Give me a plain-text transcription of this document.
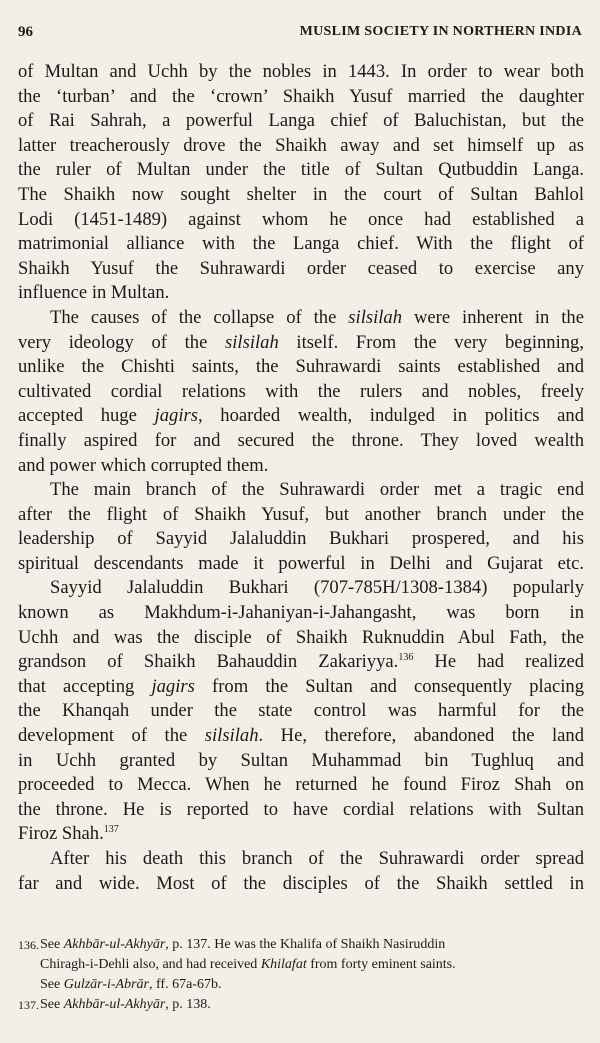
96	MUSLIM SOCIETY IN NORTHERN INDIA

of Multan and Uchh by the nobles in 1443. In order to wear both
the ‘turban’ and the ‘crown’ Shaikh Yusuf married the daughter
of Rai Sahrah, a powerful Langa chief of Baluchistan, but the
latter treacherously drove the Shaikh away and set himself up as
the ruler of Multan under the title of Sultan Qutbuddin Langa.
The Shaikh now sought shelter in the court of Sultan Bahlol
Lodi (1451-1489) against whom he once had established a
matrimonial alliance with the Langa chief. With the flight of
Shaikh Yusuf the Suhrawardi order ceased to exercise any
influence in Multan.

The causes of the collapse of the silsilah were inherent in the
very ideology of the silsilah itself. From the very beginning,
unlike the Chishti saints, the Suhrawardi saints established and
cultivated cordial relations with the rulers and nobles, freely
accepted huge jagirs, hoarded wealth, indulged in politics and
finally aspired for and secured the throne. They loved wealth
and power which corrupted them.

The main branch of the Suhrawardi order met a tragic end
after the flight of Shaikh Yusuf, but another branch under the
leadership of Sayyid Jalaluddin Bukhari prospered, and his
spiritual descendants made it powerful in Delhi and Gujarat etc.

Sayyid Jalaluddin Bukhari (707-785H/1308-1384) popularly
known as Makhdum-i-Jahaniyan-i-Jahangasht, was born in
Uchh and was the disciple of Shaikh Ruknuddin Abul Fath, the
grandson of Shaikh Bahauddin Zakariyya.$^{136}$ He had realized
that accepting jagirs from the Sultan and consequently placing
the Khanqah under the state control was harmful for the
development of the silsilah. He, therefore, abandoned the land
in Uchh granted by Sultan Muhammad bin Tughluq and
proceeded to Mecca. When he returned he found Firoz Shah on
the throne. He is reported to have cordial relations with Sultan
Firoz Shah.$^{137}$

After his death this branch of the Suhrawardi order spread
far and wide. Most of the disciples of the Shaikh settled in

136. See Akhbār-ul-Akhyār, p. 137. He was the Khalifa of Shaikh Nasiruddin
Chiragh-i-Dehli also, and had received Khilafat from forty eminent saints.
See Gulzār-i-Abrār, ff. 67a-67b.
137. See Akhbār-ul-Akhyār, p. 138.
